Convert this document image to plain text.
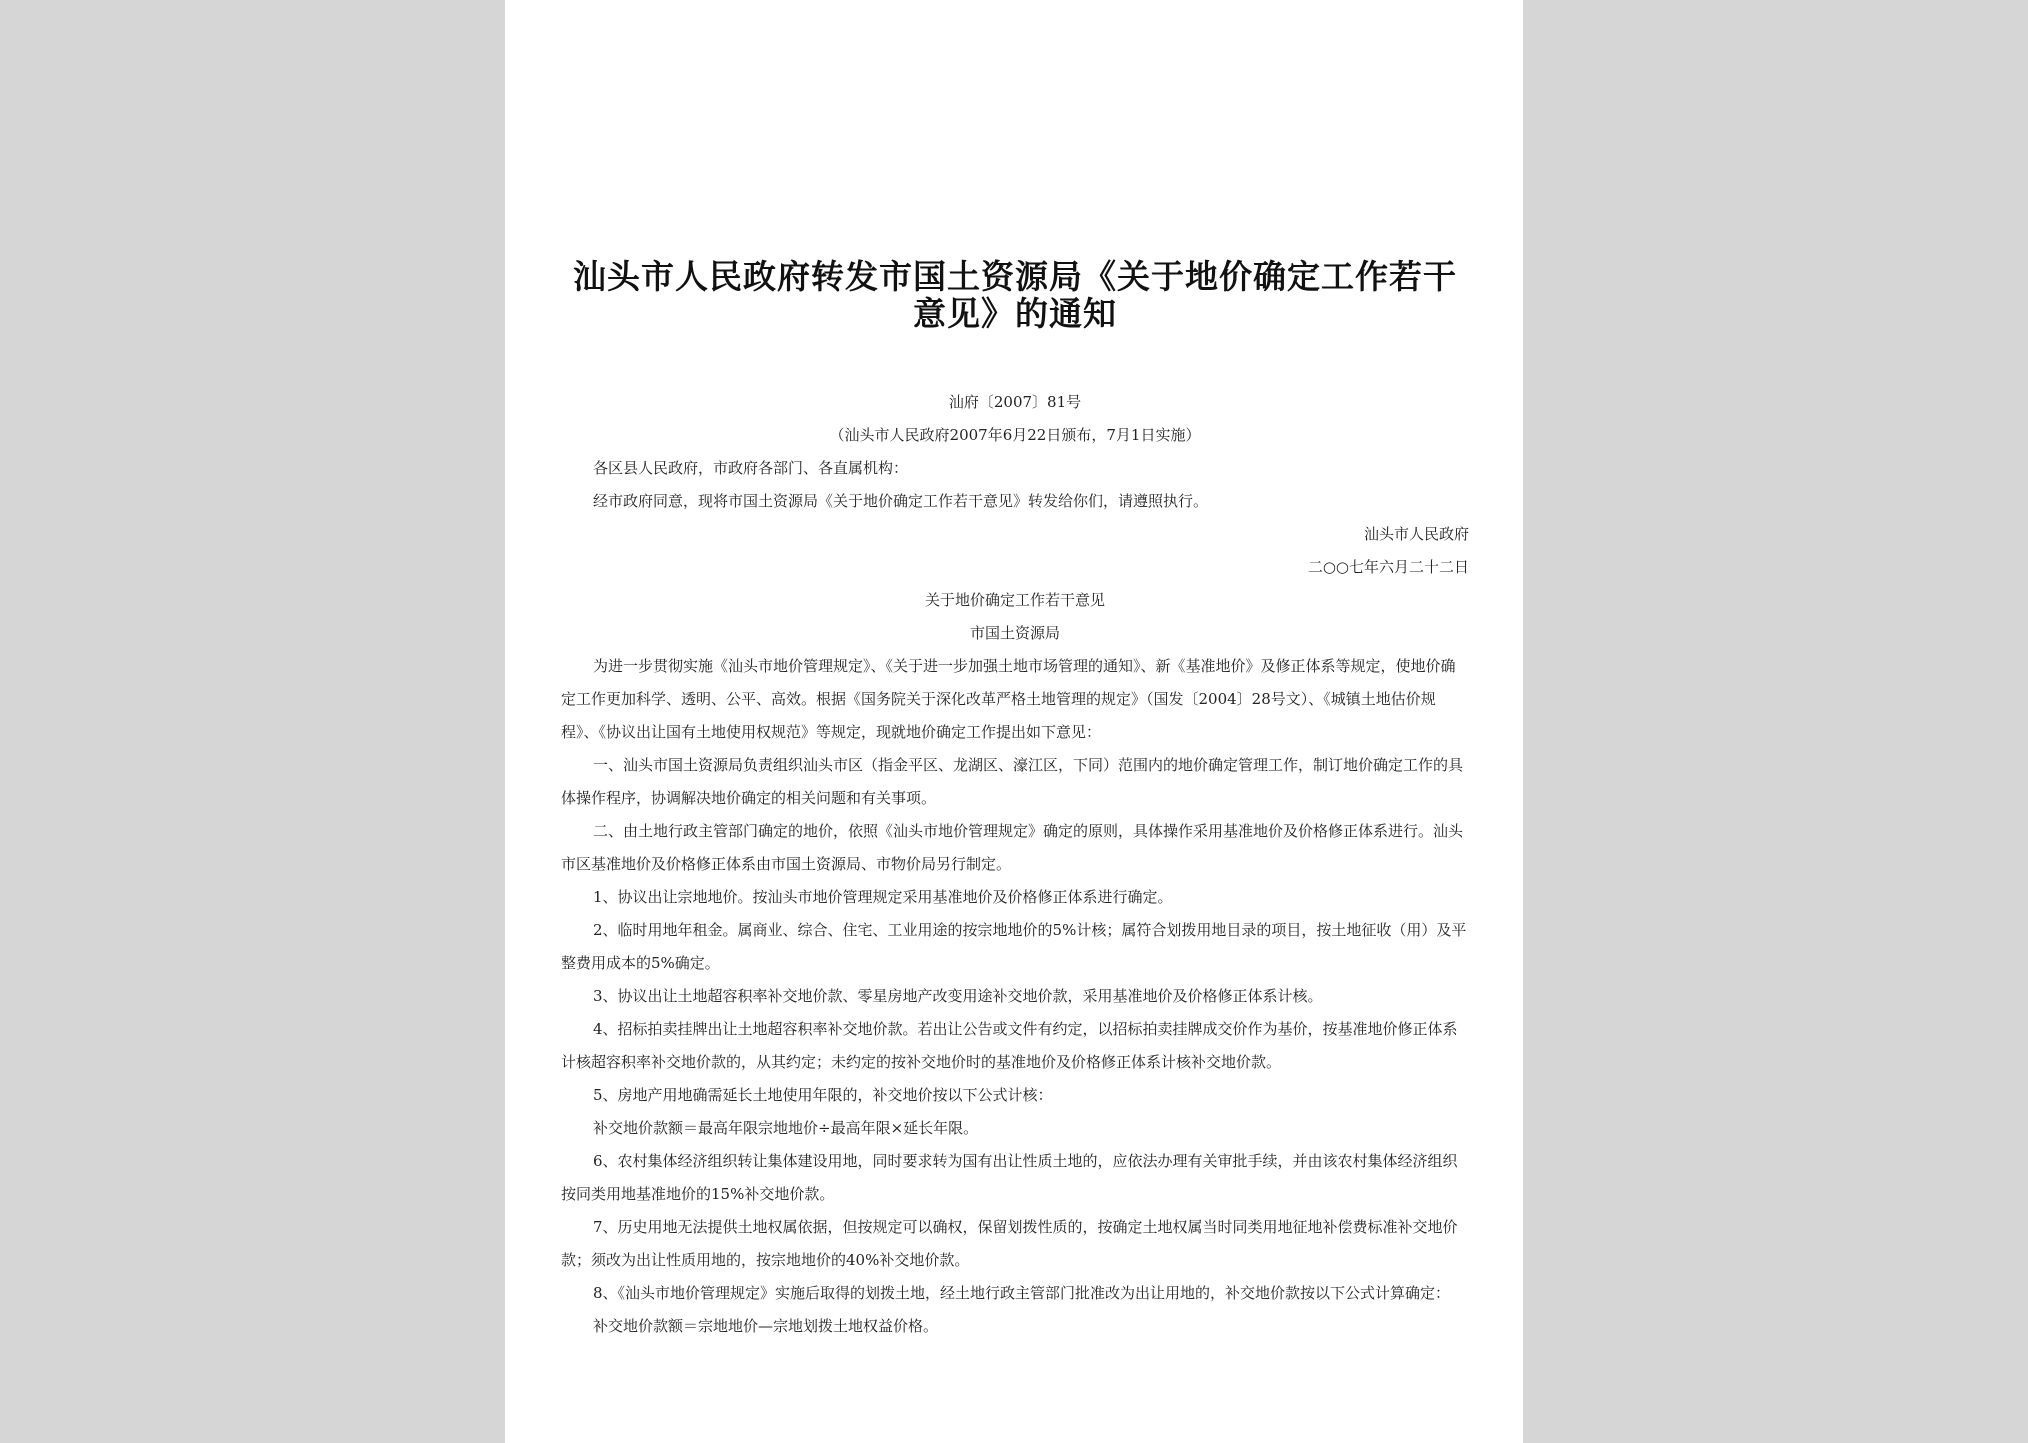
汕头市人民政府转发市国土资源局《关于地价确定工作若干意见》的通知

汕府〔2007〕81号

（汕头市人民政府2007年6月22日颁布，7月1日实施）

各区县人民政府，市政府各部门、各直属机构：

经市政府同意，现将市国土资源局《关于地价确定工作若干意见》转发给你们，请遵照执行。

汕头市人民政府

二○○七年六月二十二日

关于地价确定工作若干意见

市国土资源局

为进一步贯彻实施《汕头市地价管理规定》、《关于进一步加强土地市场管理的通知》、新《基准地价》及修正体系等规定，使地价确定工作更加科学、透明、公平、高效。根据《国务院关于深化改革严格土地管理的规定》（国发〔2004〕28号文）、《城镇土地估价规程》、《协议出让国有土地使用权规范》等规定，现就地价确定工作提出如下意见：

一、汕头市国土资源局负责组织汕头市区（指金平区、龙湖区、濠江区，下同）范围内的地价确定管理工作，制订地价确定工作的具体操作程序，协调解决地价确定的相关问题和有关事项。

二、由土地行政主管部门确定的地价，依照《汕头市地价管理规定》确定的原则，具体操作采用基准地价及价格修正体系进行。汕头市区基准地价及价格修正体系由市国土资源局、市物价局另行制定。

1、协议出让宗地地价。按汕头市地价管理规定采用基准地价及价格修正体系进行确定。

2、临时用地年租金。属商业、综合、住宅、工业用途的按宗地地价的5%计核；属符合划拨用地目录的项目，按土地征收（用）及平整费用成本的5%确定。

3、协议出让土地超容积率补交地价款、零星房地产改变用途补交地价款，采用基准地价及价格修正体系计核。

4、招标拍卖挂牌出让土地超容积率补交地价款。若出让公告或文件有约定，以招标拍卖挂牌成交价作为基价，按基准地价修正体系计核超容积率补交地价款的，从其约定；未约定的按补交地价时的基准地价及价格修正体系计核补交地价款。

5、房地产用地确需延长土地使用年限的，补交地价按以下公式计核：

补交地价款额＝最高年限宗地地价÷最高年限×延长年限。

6、农村集体经济组织转让集体建设用地，同时要求转为国有出让性质土地的，应依法办理有关审批手续，并由该农村集体经济组织按同类用地基准地价的15%补交地价款。

7、历史用地无法提供土地权属依据，但按规定可以确权，保留划拨性质的，按确定土地权属当时同类用地征地补偿费标准补交地价款；须改为出让性质用地的，按宗地地价的40%补交地价款。

8、《汕头市地价管理规定》实施后取得的划拨土地，经土地行政主管部门批准改为出让用地的，补交地价款按以下公式计算确定：

补交地价款额＝宗地地价—宗地划拨土地权益价格。
